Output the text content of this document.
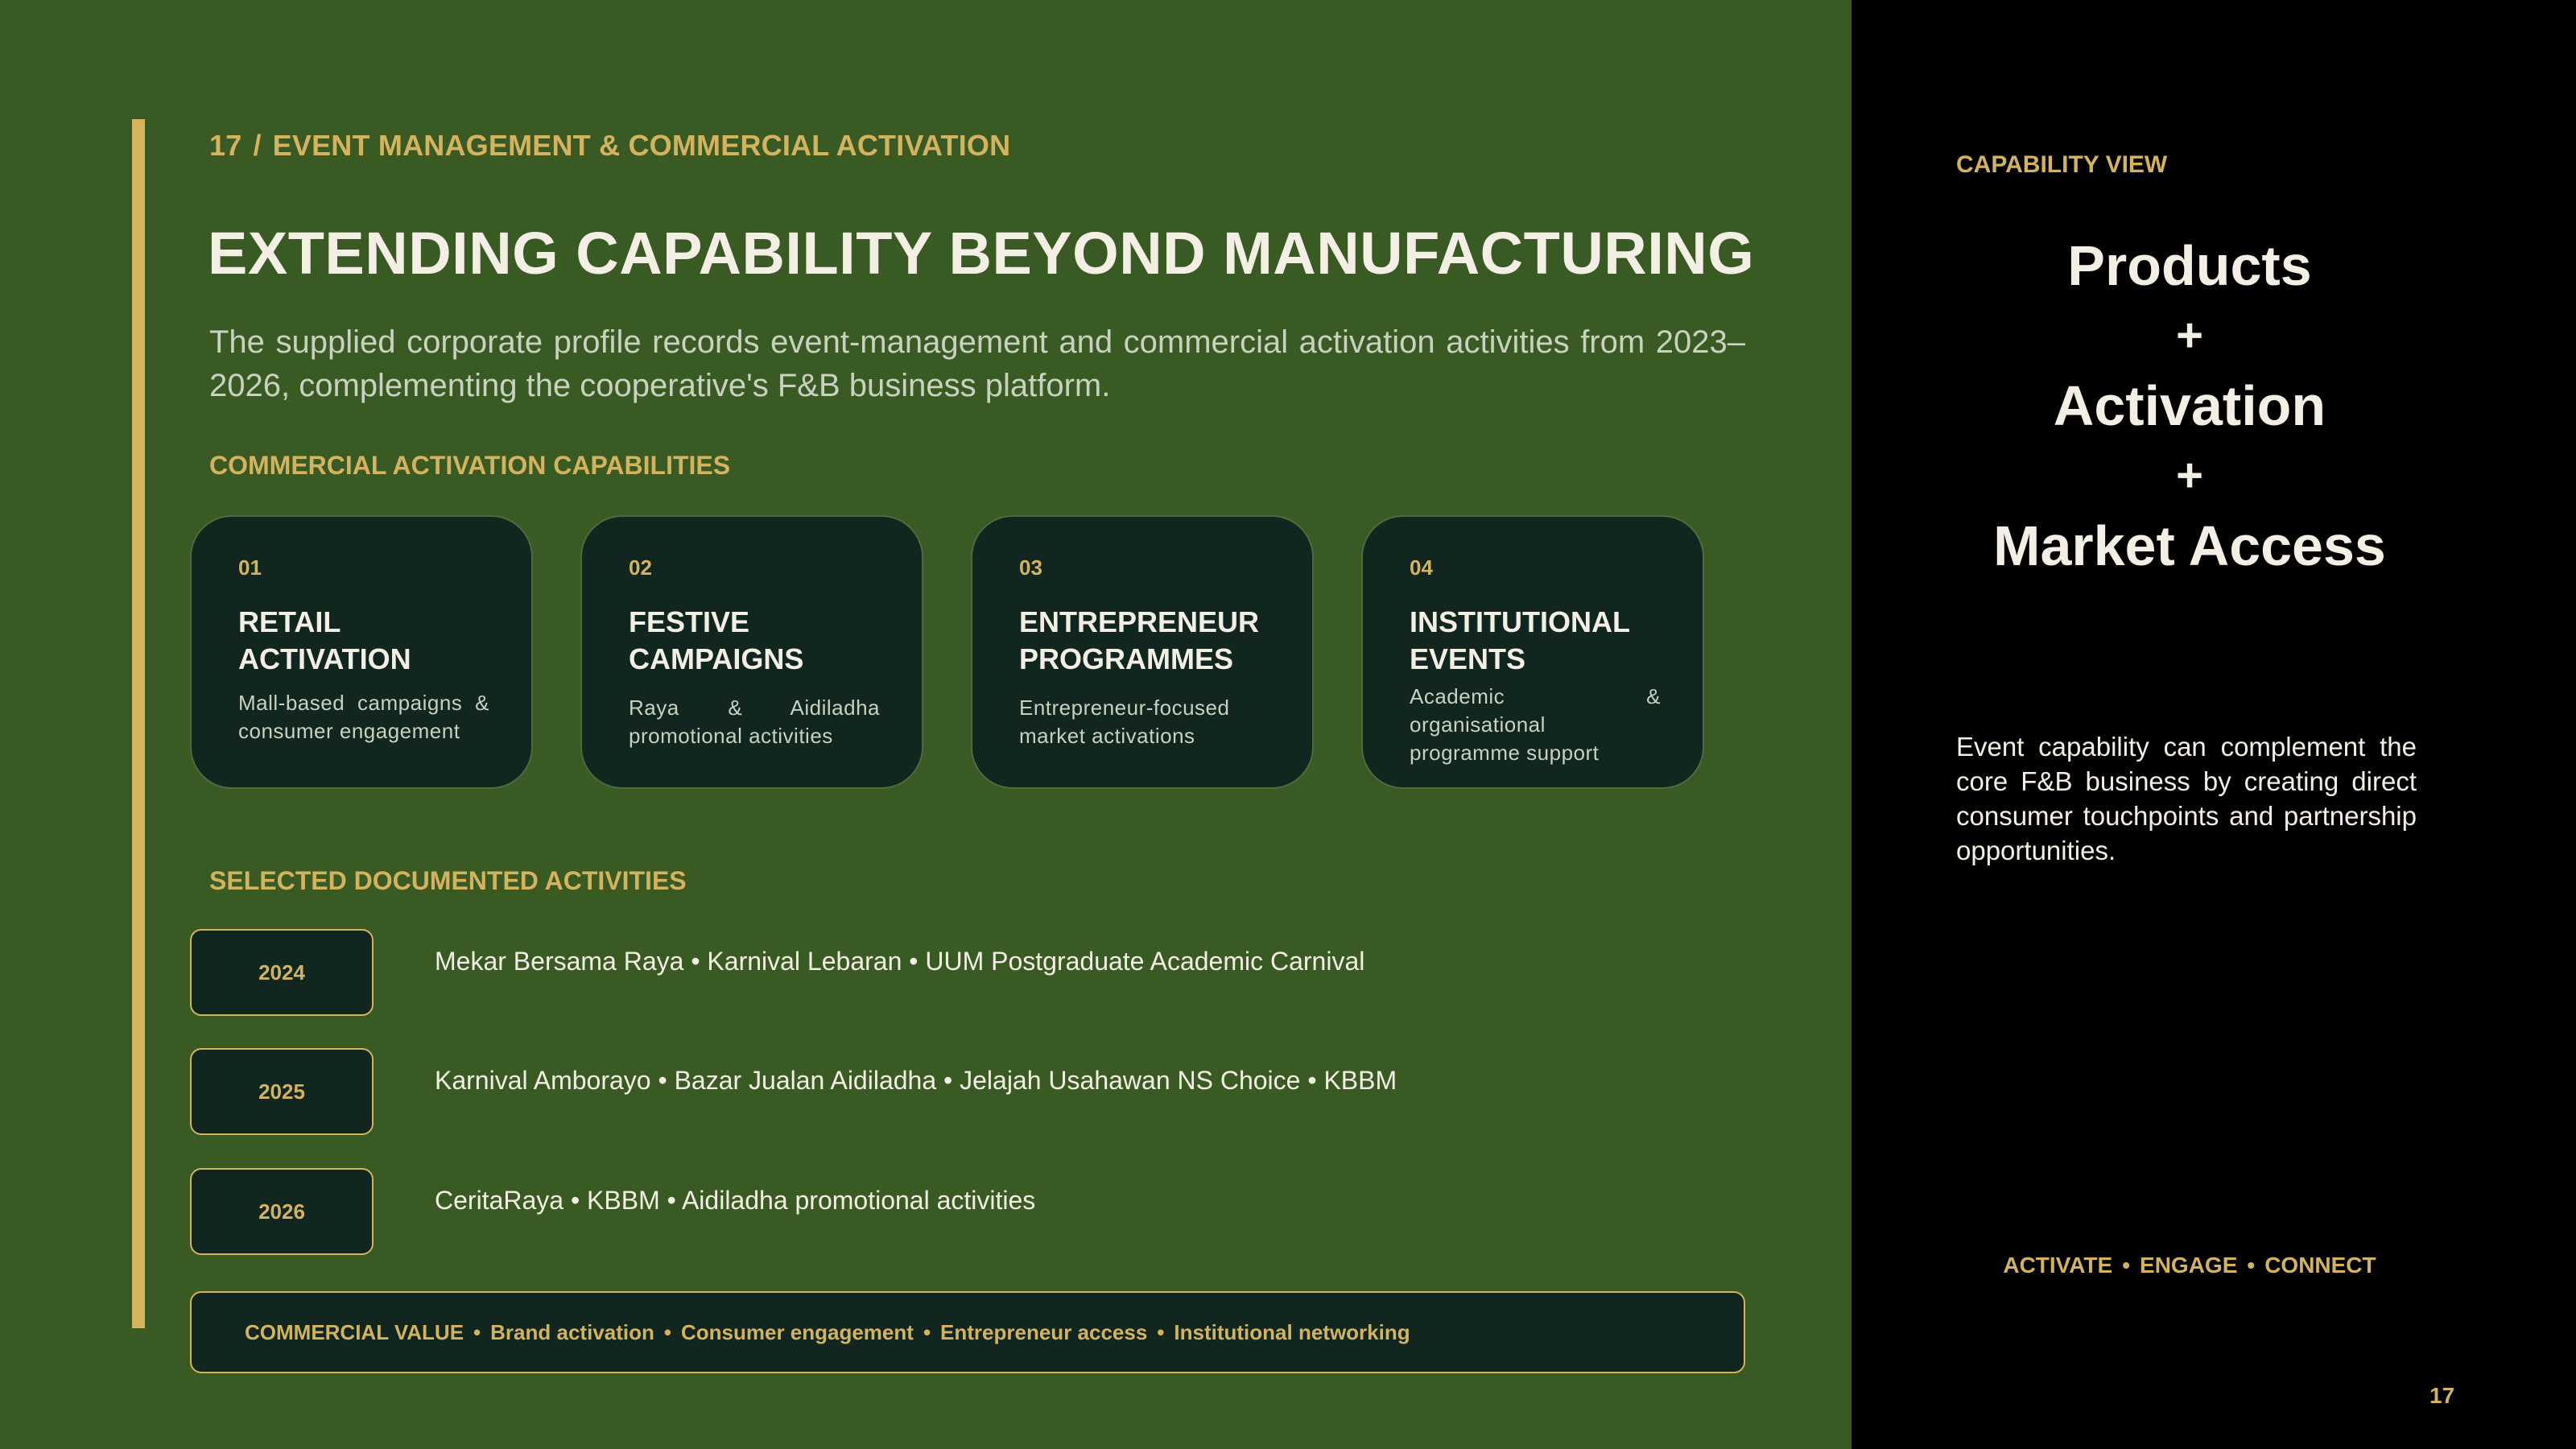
17 / EVENT MANAGEMENT & COMMERCIAL ACTIVATION
EXTENDING CAPABILITY BEYOND MANUFACTURING
The supplied corporate profile records event-management and commercial activation activities from 2023–2026, complementing the cooperative's F&B business platform.
COMMERCIAL ACTIVATION CAPABILITIES
01
RETAIL ACTIVATION
Mall-based campaigns & consumer engagement
02
FESTIVE CAMPAIGNS
Raya & Aidiladha promotional activities
03
ENTREPRENEUR PROGRAMMES
Entrepreneur-focused market activations
04
INSTITUTIONAL EVENTS
Academic & organisational programme support
SELECTED DOCUMENTED ACTIVITIES
2024	Mekar Bersama Raya • Karnival Lebaran • UUM Postgraduate Academic Carnival
2025	Karnival Amborayo • Bazar Jualan Aidiladha • Jelajah Usahawan NS Choice • KBBM
2026	CeritaRaya • KBBM • Aidiladha promotional activities
COMMERCIAL VALUE • Brand activation • Consumer engagement • Entrepreneur access • Institutional networking
CAPABILITY VIEW
Products
+
Activation
+
Market Access
Event capability can complement the core F&B business by creating direct consumer touchpoints and partnership opportunities.
ACTIVATE • ENGAGE • CONNECT
17
